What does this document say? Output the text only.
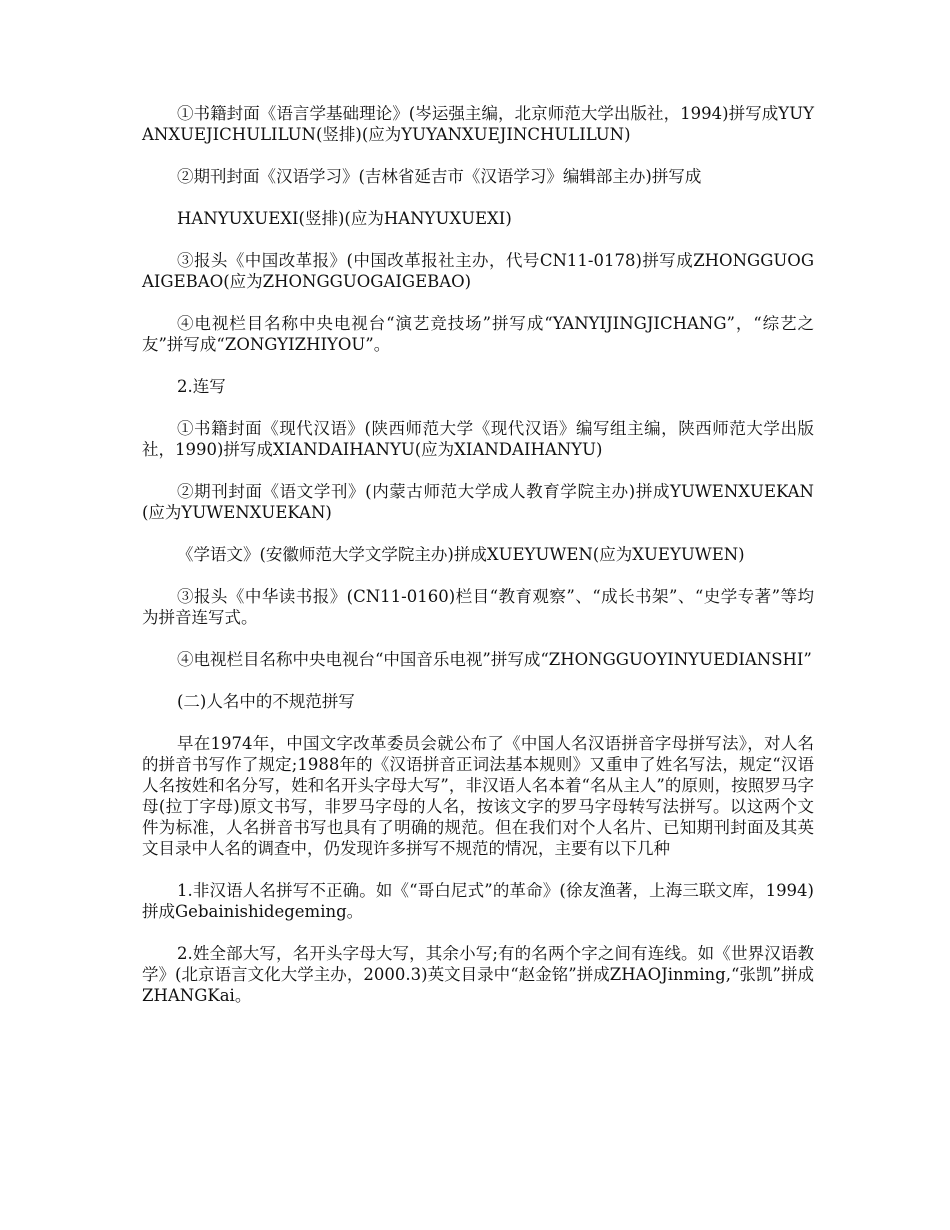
①书籍封面《语言学基础理论》(岑运强主编，北京师范大学出版社，1994)拼写成YUYANXUEJICHULILUN(竖排)(应为YUYANXUEJINCHULILUN)

②期刊封面《汉语学习》(吉林省延吉市《汉语学习》编辑部主办)拼写成

HANYUXUEXI(竖排)(应为HANYUXUEXI)

③报头《中国改革报》(中国改革报社主办，代号CN11-0178)拼写成ZHONGGUOGAIGEBAO(应为ZHONGGUOGAIGEBAO)

④电视栏目名称中央电视台“演艺竞技场”拼写成“YANYIJINGJICHANG”，“综艺之友”拼写成“ZONGYIZHIYOU”。

2.连写

①书籍封面《现代汉语》(陕西师范大学《现代汉语》编写组主编，陕西师范大学出版社，1990)拼写成XIANDAIHANYU(应为XIANDAIHANYU)

②期刊封面《语文学刊》(内蒙古师范大学成人教育学院主办)拼成YUWENXUEKAN(应为YUWENXUEKAN)

《学语文》(安徽师范大学文学院主办)拼成XUEYUWEN(应为XUEYUWEN)

③报头《中华读书报》(CN11-0160)栏目“教育观察”、“成长书架”、“史学专著”等均为拼音连写式。

④电视栏目名称中央电视台“中国音乐电视”拼写成“ZHONGGUOYINYUEDIANSHI”

(二)人名中的不规范拼写

早在1974年，中国文字改革委员会就公布了《中国人名汉语拼音字母拼写法》，对人名的拼音书写作了规定;1988年的《汉语拼音正词法基本规则》又重申了姓名写法，规定“汉语人名按姓和名分写，姓和名开头字母大写”，非汉语人名本着“名从主人”的原则，按照罗马字母(拉丁字母)原文书写，非罗马字母的人名，按该文字的罗马字母转写法拼写。以这两个文件为标准，人名拼音书写也具有了明确的规范。但在我们对个人名片、已知期刊封面及其英文目录中人名的调查中，仍发现许多拼写不规范的情况，主要有以下几种

1.非汉语人名拼写不正确。如《“哥白尼式”的革命》(徐友渔著，上海三联文库，1994)拼成Gebainishidegeming。

2.姓全部大写，名开头字母大写，其余小写;有的名两个字之间有连线。如《世界汉语教学》(北京语言文化大学主办，2000.3)英文目录中“赵金铭”拼成ZHAOJinming,“张凯”拼成ZHANGKai。
